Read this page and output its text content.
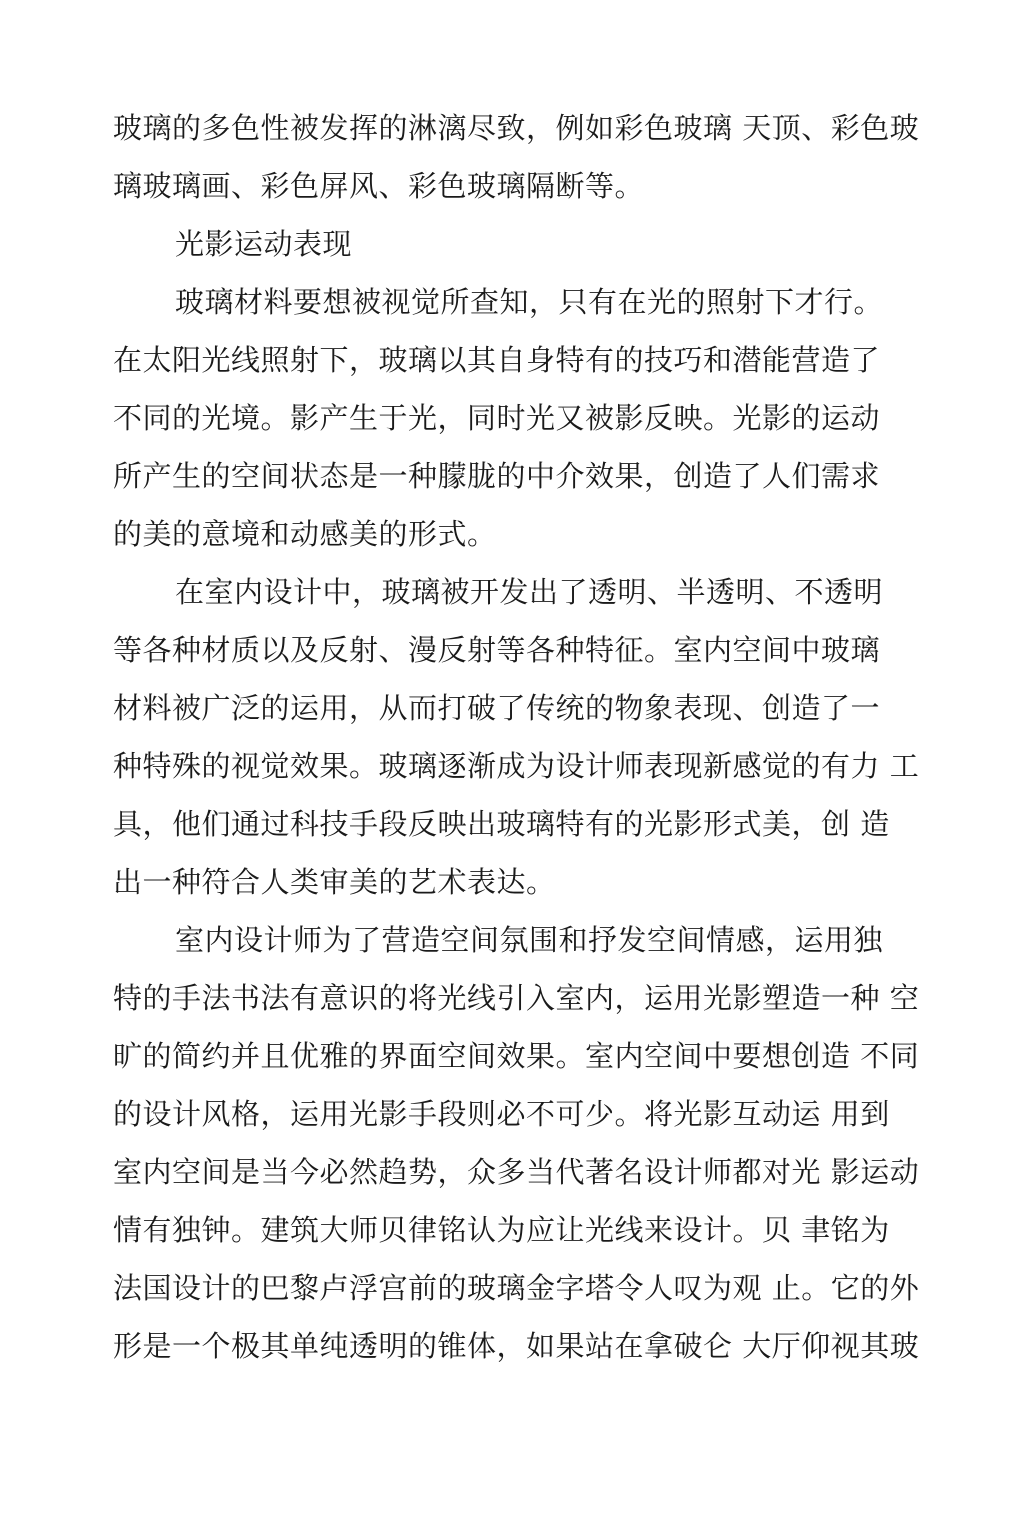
玻璃的多色性被发挥的淋漓尽致，例如彩色玻璃 天顶、彩色玻
璃玻璃画、彩色屏风、彩色玻璃隔断等。
光影运动表现
玻璃材料要想被视觉所查知，只有在光的照射下才行。
在太阳光线照射下，玻璃以其自身特有的技巧和潜能营造了
不同的光境。影产生于光，同时光又被影反映。光影的运动
所产生的空间状态是一种朦胧的中介效果，创造了人们需求
的美的意境和动感美的形式。
在室内设计中，玻璃被开发出了透明、半透明、不透明
等各种材质以及反射、漫反射等各种特征。室内空间中玻璃
材料被广泛的运用，从而打破了传统的物象表现、创造了一
种特殊的视觉效果。玻璃逐渐成为设计师表现新感觉的有力 工
具，他们通过科技手段反映出玻璃特有的光影形式美，创 造
出一种符合人类审美的艺术表达。
室内设计师为了营造空间氛围和抒发空间情感，运用独
特的手法书法有意识的将光线引入室内，运用光影塑造一种 空
旷的简约并且优雅的界面空间效果。室内空间中要想创造 不同
的设计风格，运用光影手段则必不可少。将光影互动运 用到
室内空间是当今必然趋势，众多当代著名设计师都对光 影运动
情有独钟。建筑大师贝律铭认为应让光线来设计。贝 聿铭为
法国设计的巴黎卢浮宫前的玻璃金字塔令人叹为观 止。它的外
形是一个极其单纯透明的锥体，如果站在拿破仑 大厅仰视其玻
